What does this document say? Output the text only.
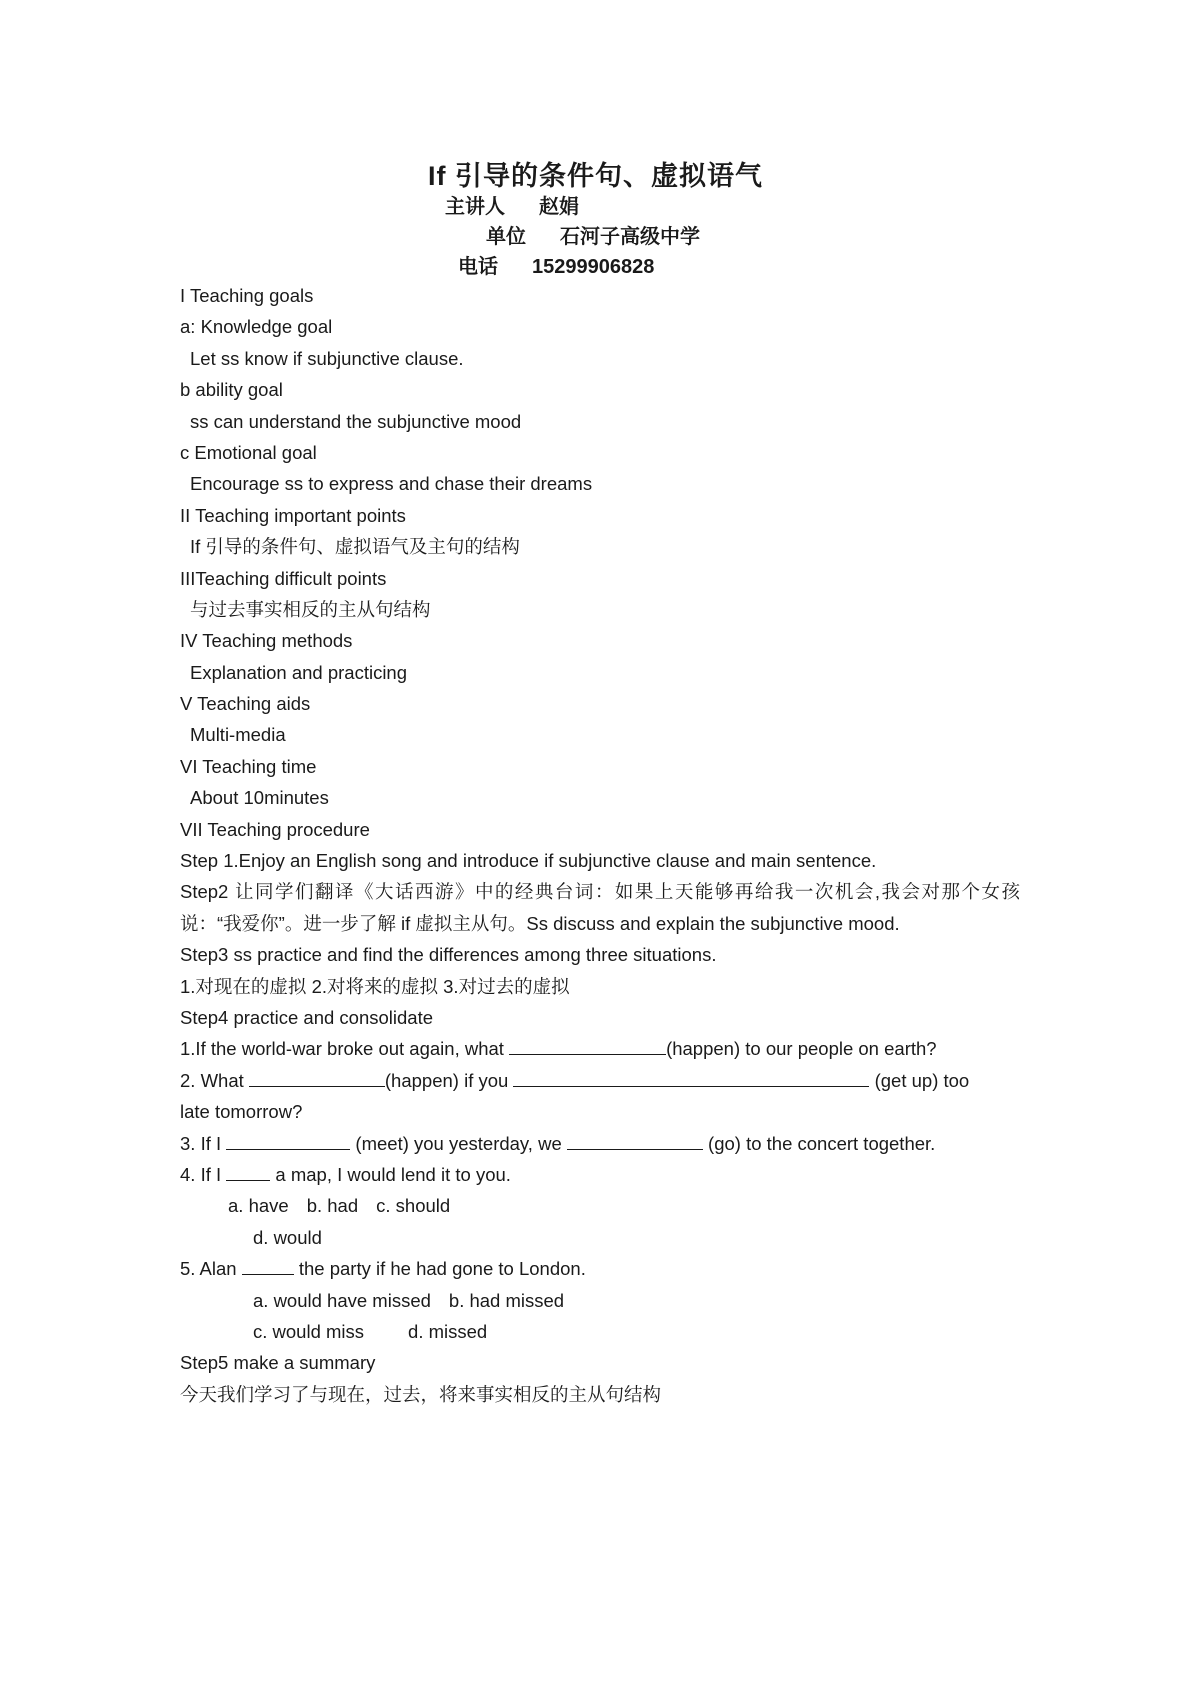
If 引导的条件句、虚拟语气
主讲人 赵娟
单位 石河子高级中学
电话 15299906828
I Teaching goals
a: Knowledge goal
Let ss know if subjunctive clause.
b ability goal
ss can understand the subjunctive mood
c Emotional goal
Encourage ss to express and chase their dreams
II Teaching important points
If 引导的条件句、虚拟语气及主句的结构
IIITeaching difficult points
与过去事实相反的主从句结构
IV Teaching methods
Explanation and practicing
V Teaching aids
Multi-media
VI Teaching time
About 10minutes
VII Teaching procedure
Step 1.Enjoy an English song and introduce if subjunctive clause and main sentence.
Step2 让同学们翻译《大话西游》中的经典台词：如果上天能够再给我一次机会,我会对那个女孩说：“我爱你”。进一步了解 if 虚拟主从句。Ss discuss and explain the subjunctive mood.
Step3 ss practice and find the differences among three situations.
1.对现在的虚拟 2.对将来的虚拟 3.对过去的虚拟
Step4 practice and consolidate
1.If the world-war broke out again, what	(happen) to our people on earth?
2. What	(happen) if you	(get up) too
late tomorrow?
3. If I	(meet) you yesterday, we	(go) to the concert together.
4. If I  a map, I would lend it to you.
a. have b. had c. should
d. would
5. Alan	the party if he had gone to London.
a. would have missed b. had missed
c. would miss d. missed
Step5 make a summary
今天我们学习了与现在，过去，将来事实相反的主从句结构
